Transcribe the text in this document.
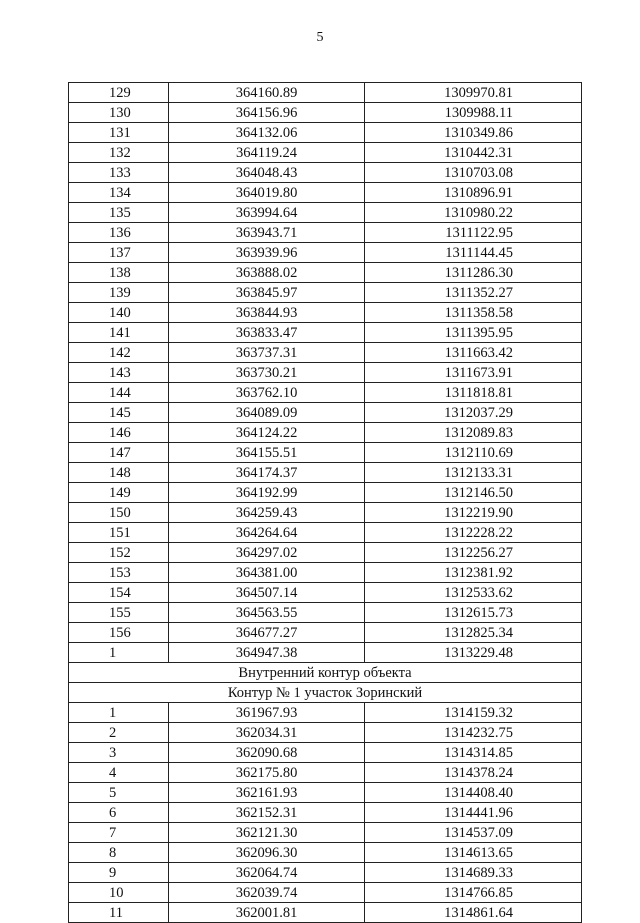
5
129	364160.89	1309970.81
130	364156.96	1309988.11
131	364132.06	1310349.86
132	364119.24	1310442.31
133	364048.43	1310703.08
134	364019.80	1310896.91
135	363994.64	1310980.22
136	363943.71	1311122.95
137	363939.96	1311144.45
138	363888.02	1311286.30
139	363845.97	1311352.27
140	363844.93	1311358.58
141	363833.47	1311395.95
142	363737.31	1311663.42
143	363730.21	1311673.91
144	363762.10	1311818.81
145	364089.09	1312037.29
146	364124.22	1312089.83
147	364155.51	1312110.69
148	364174.37	1312133.31
149	364192.99	1312146.50
150	364259.43	1312219.90
151	364264.64	1312228.22
152	364297.02	1312256.27
153	364381.00	1312381.92
154	364507.14	1312533.62
155	364563.55	1312615.73
156	364677.27	1312825.34
1	364947.38	1313229.48
Внутренний контур объекта		
Контур № 1 участок Зоринский		
1	361967.93	1314159.32
2	362034.31	1314232.75
3	362090.68	1314314.85
4	362175.80	1314378.24
5	362161.93	1314408.40
6	362152.31	1314441.96
7	362121.30	1314537.09
8	362096.30	1314613.65
9	362064.74	1314689.33
10	362039.74	1314766.85
11	362001.81	1314861.64
